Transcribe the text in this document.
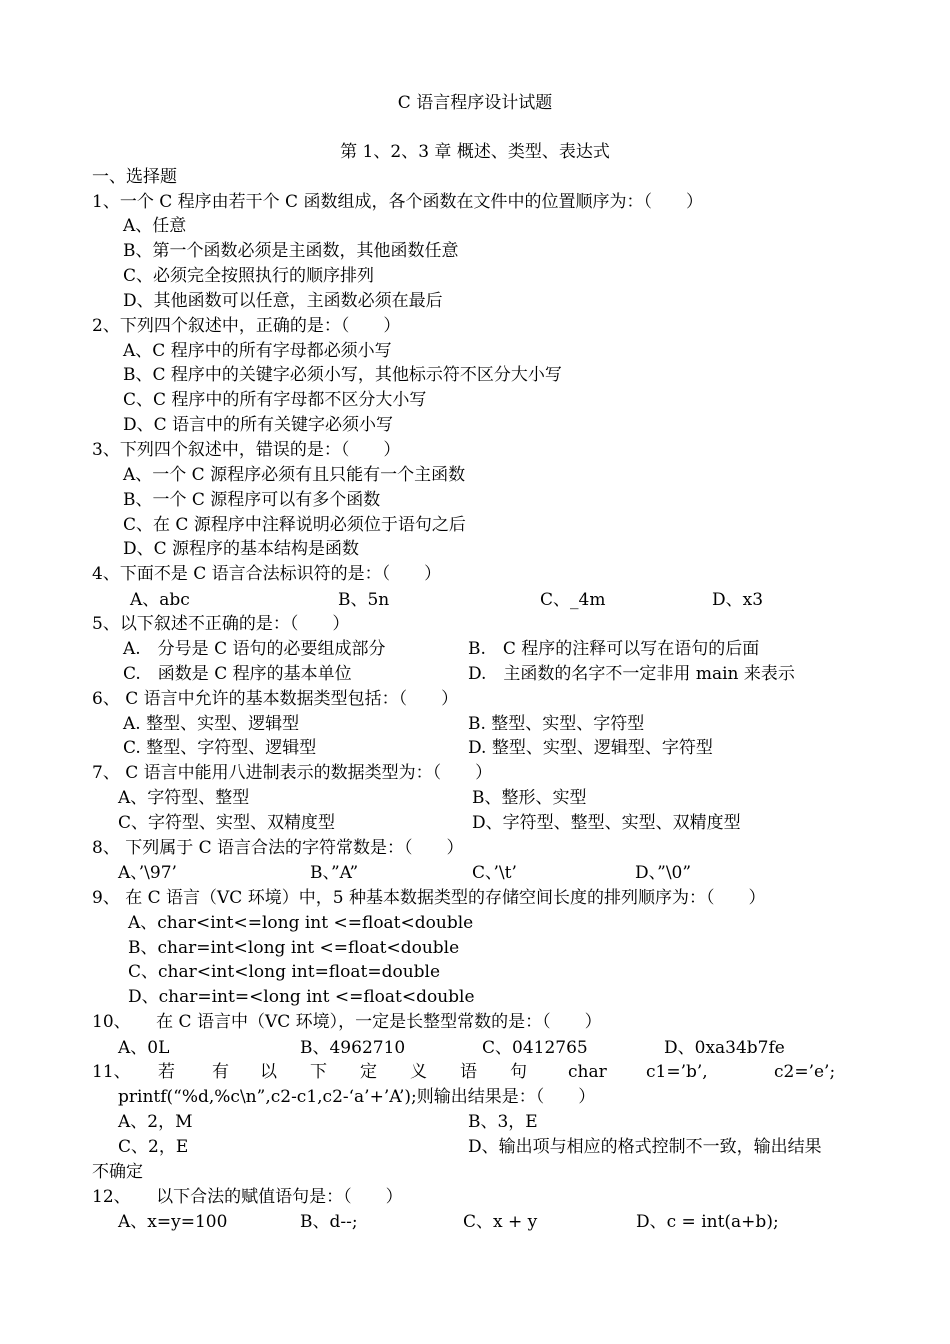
C 语言程序设计试题
第 1、2、3 章 概述、类型、表达式
一、选择题
1、一个 C 程序由若干个 C 函数组成，各个函数在文件中的位置顺序为：（　　）
A、任意
B、第一个函数必须是主函数，其他函数任意
C、必须完全按照执行的顺序排列
D、其他函数可以任意，主函数必须在最后
2、下列四个叙述中，正确的是：（　　）
A、C 程序中的所有字母都必须小写
B、C 程序中的关键字必须小写，其他标示符不区分大小写
C、C 程序中的所有字母都不区分大小写
D、C 语言中的所有关键字必须小写
3、下列四个叙述中，错误的是：（　　）
A、一个 C 源程序必须有且只能有一个主函数
B、一个 C 源程序可以有多个函数
C、在 C 源程序中注释说明必须位于语句之后
D、C 源程序的基本结构是函数
4、下面不是 C 语言合法标识符的是：（　　）
A、abc	B、5n	C、_4m	D、x3
5、以下叙述不正确的是：（　　）
A.　分号是 C 语句的必要组成部分	B.　C 程序的注释可以写在语句的后面
C.　函数是 C 程序的基本单位	D.　主函数的名字不一定非用 main 来表示
6、 C 语言中允许的基本数据类型包括：（　　）
A. 整型、实型、逻辑型	B. 整型、实型、字符型
C. 整型、字符型、逻辑型	D. 整型、实型、逻辑型、字符型
7、 C 语言中能用八进制表示的数据类型为：（　　）
A、字符型、整型	B、整形、实型
C、字符型、实型、双精度型	D、字符型、整型、实型、双精度型
8、 下列属于 C 语言合法的字符常数是：（　　）
A、’\97’	B、”A”	C、’\t’	D、”\0”
9、 在 C 语言（VC 环境）中，5 种基本数据类型的存储空间长度的排列顺序为：（　　）
A、char<int<=long int <=float<double
B、char=int<long int <=float<double
C、char<int<long int=float=double
D、char=int=<long int <=float<double
10、　　在 C 语言中（VC 环境），一定是长整型常数的是：（　　）
A、0L	B、4962710	C、0412765	D、0xa34b7fe
11、 若 有 以 下 定 义 语 句 char c1=’b’,	c2=’e’;
printf(“%d,%c\n”,c2-c1,c2-‘a’+’A’);则输出结果是：（　　）
A、2，M	B、3，E
C、2，E	D、输出项与相应的格式控制不一致，输出结果
不确定
12、　　以下合法的赋值语句是：（　　）
A、x=y=100	B、d--;	C、x + y	D、c = int(a+b);
